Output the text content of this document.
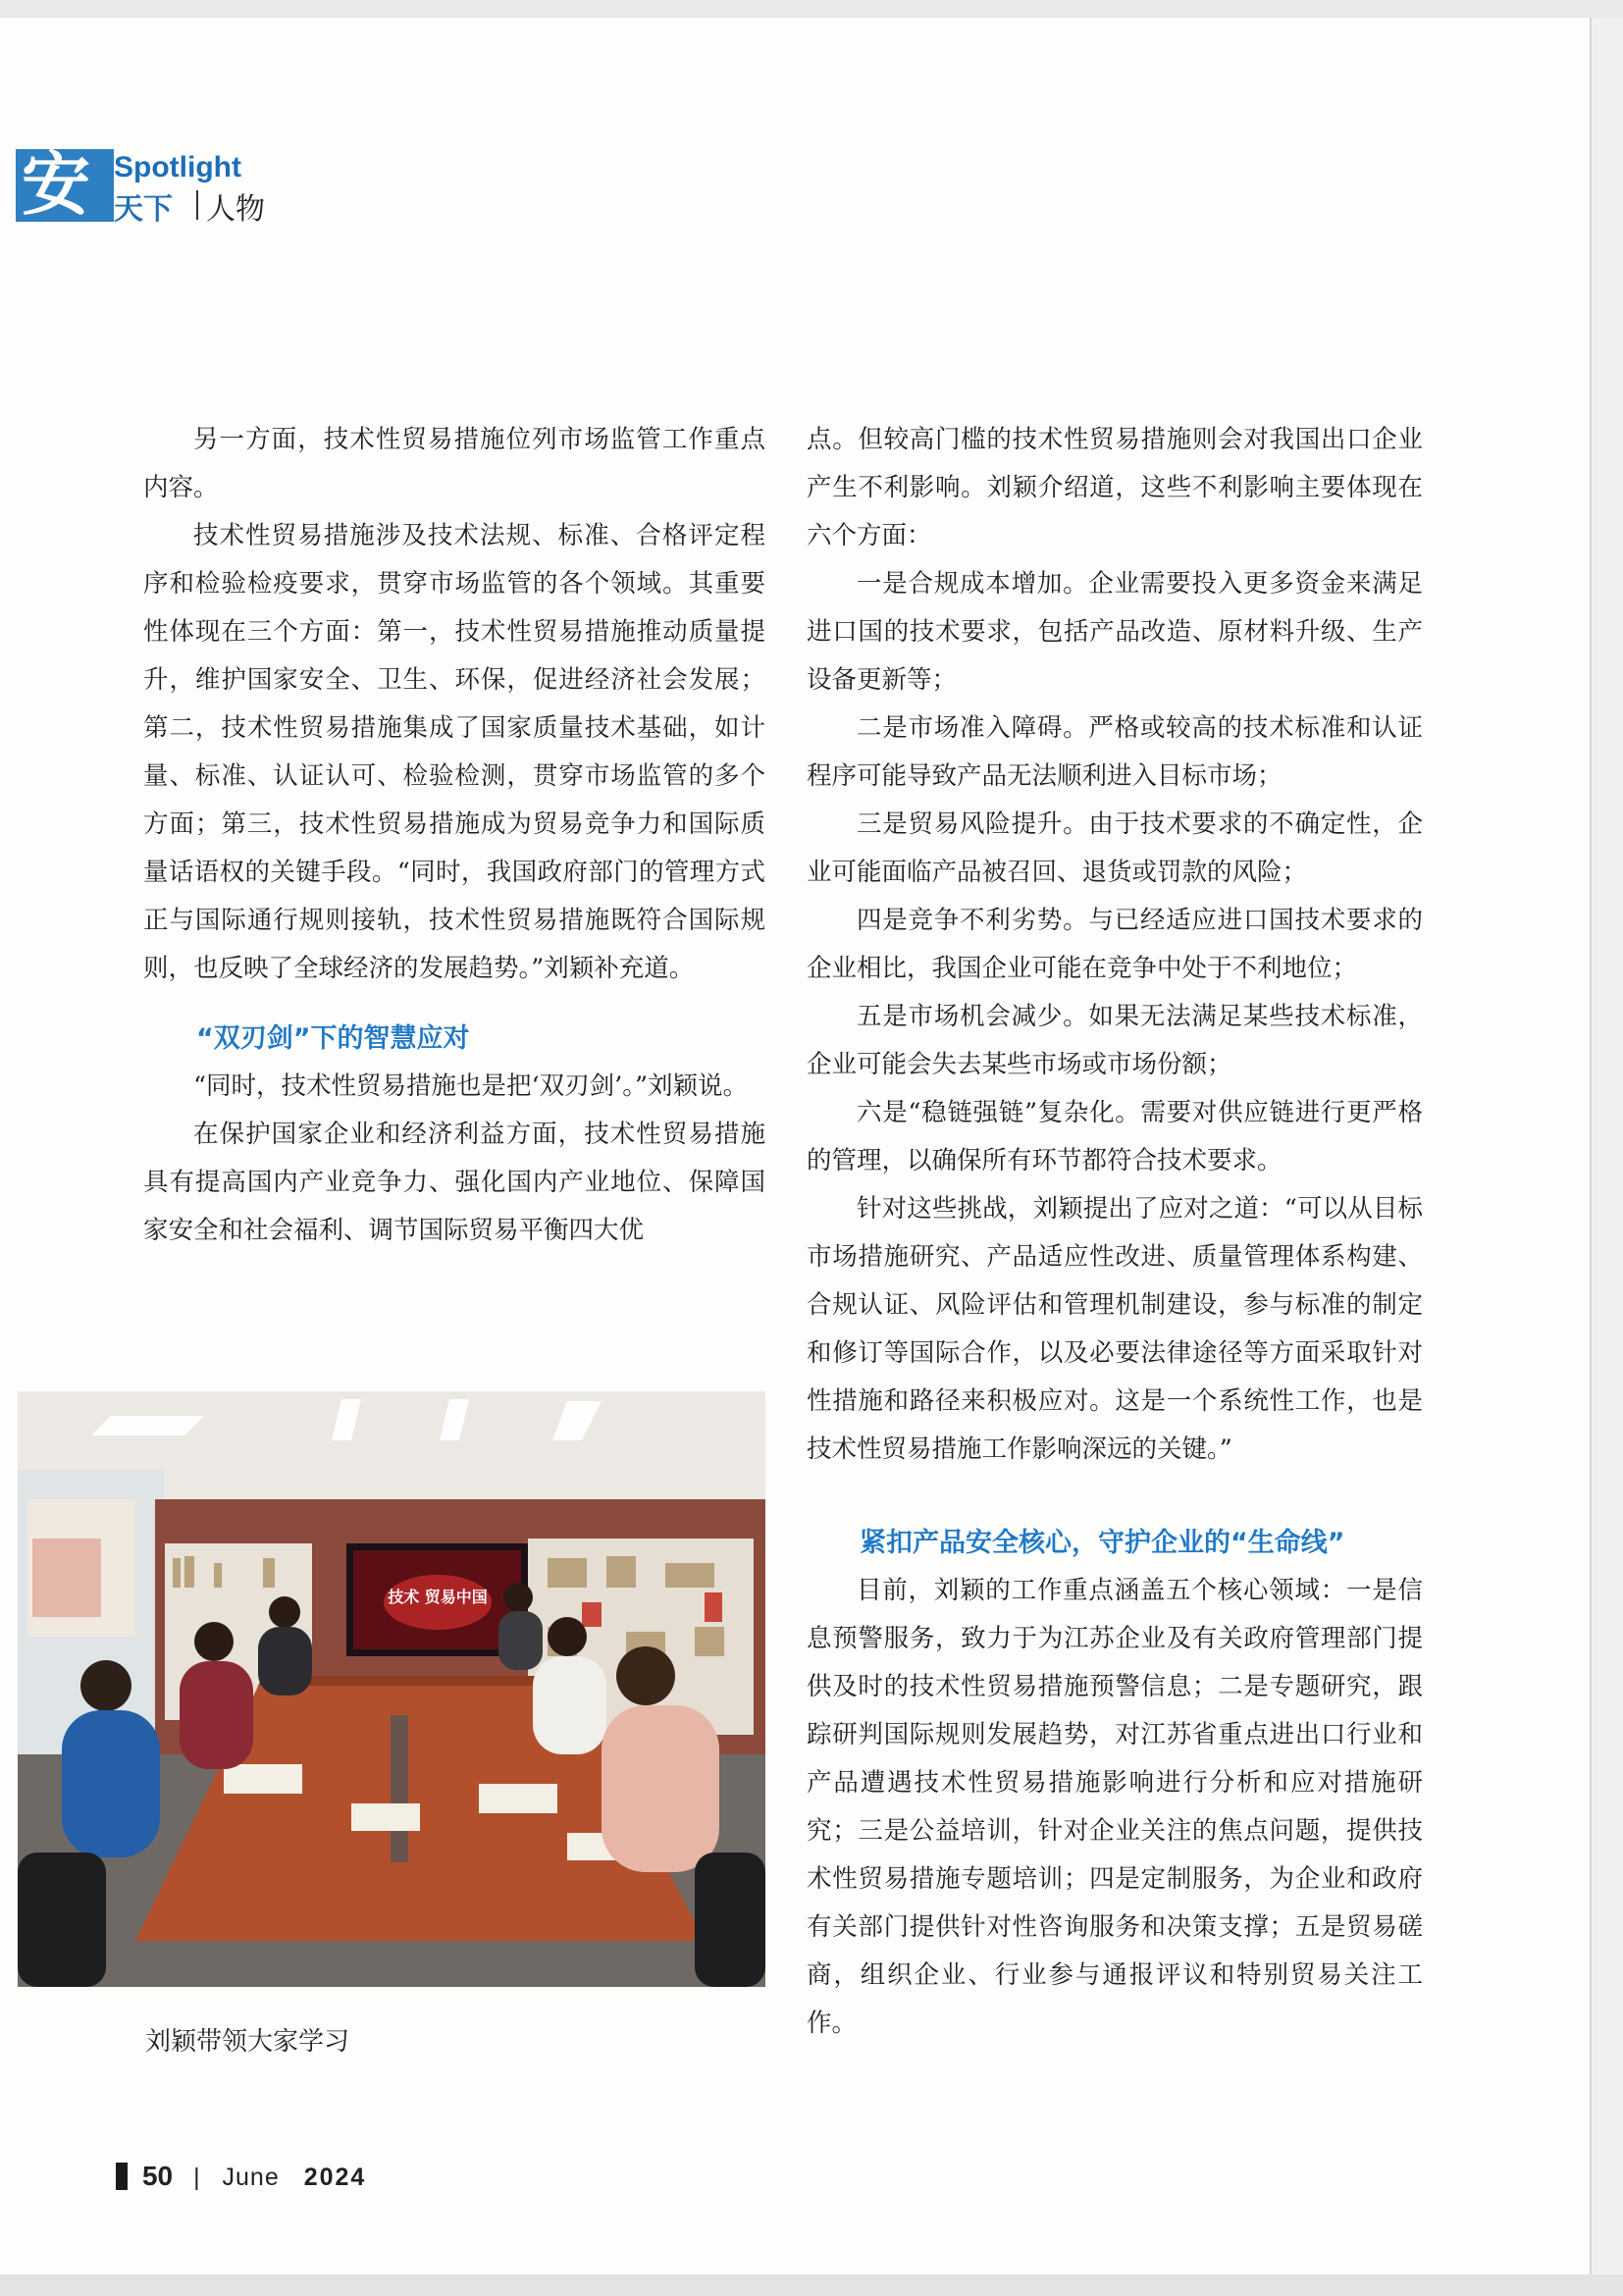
安 Spotlight
天下 人物

另一方面，技术性贸易措施位列市场监管工作重点内容。

技术性贸易措施涉及技术法规、标准、合格评定程序和检验检疫要求，贯穿市场监管的各个领域。其重要性体现在三个方面：第一，技术性贸易措施推动质量提升，维护国家安全、卫生、环保，促进经济社会发展；第二，技术性贸易措施集成了国家质量技术基础，如计量、标准、认证认可、检验检测，贯穿市场监管的多个方面；第三，技术性贸易措施成为贸易竞争力和国际质量话语权的关键手段。“同时，我国政府部门的管理方式正与国际通行规则接轨，技术性贸易措施既符合国际规则，也反映了全球经济的发展趋势。”刘颖补充道。

“双刃剑”下的智慧应对

“同时，技术性贸易措施也是把‘双刃剑’。”刘颖说。

在保护国家企业和经济利益方面，技术性贸易措施具有提高国内产业竞争力、强化国内产业地位、保障国家安全和社会福利、调节国际贸易平衡四大优

点。但较高门槛的技术性贸易措施则会对我国出口企业产生不利影响。刘颖介绍道，这些不利影响主要体现在六个方面：

一是合规成本增加。企业需要投入更多资金来满足进口国的技术要求，包括产品改造、原材料升级、生产设备更新等；

二是市场准入障碍。严格或较高的技术标准和认证程序可能导致产品无法顺利进入目标市场；

三是贸易风险提升。由于技术要求的不确定性，企业可能面临产品被召回、退货或罚款的风险；

四是竞争不利劣势。与已经适应进口国技术要求的企业相比，我国企业可能在竞争中处于不利地位；

五是市场机会减少。如果无法满足某些技术标准，企业可能会失去某些市场或市场份额；

六是“稳链强链”复杂化。需要对供应链进行更严格的管理，以确保所有环节都符合技术要求。

针对这些挑战，刘颖提出了应对之道：“可以从目标市场措施研究、产品适应性改进、质量管理体系构建、合规认证、风险评估和管理机制建设，参与标准的制定和修订等国际合作，以及必要法律途径等方面采取针对性措施和路径来积极应对。这是一个系统性工作，也是技术性贸易措施工作影响深远的关键。”

紧扣产品安全核心，守护企业的“生命线”

目前，刘颖的工作重点涵盖五个核心领域：一是信息预警服务，致力于为江苏企业及有关政府管理部门提供及时的技术性贸易措施预警信息；二是专题研究，跟踪研判国际规则发展趋势，对江苏省重点进出口行业和产品遭遇技术性贸易措施影响进行分析和应对措施研究；三是公益培训，针对企业关注的焦点问题，提供技术性贸易措施专题培训；四是定制服务，为企业和政府有关部门提供针对性咨询服务和决策支撑；五是贸易磋商，组织企业、行业参与通报评议和特别贸易关注工作。

技术 贸易中国
刘颖带领大家学习
50 | June 2024
